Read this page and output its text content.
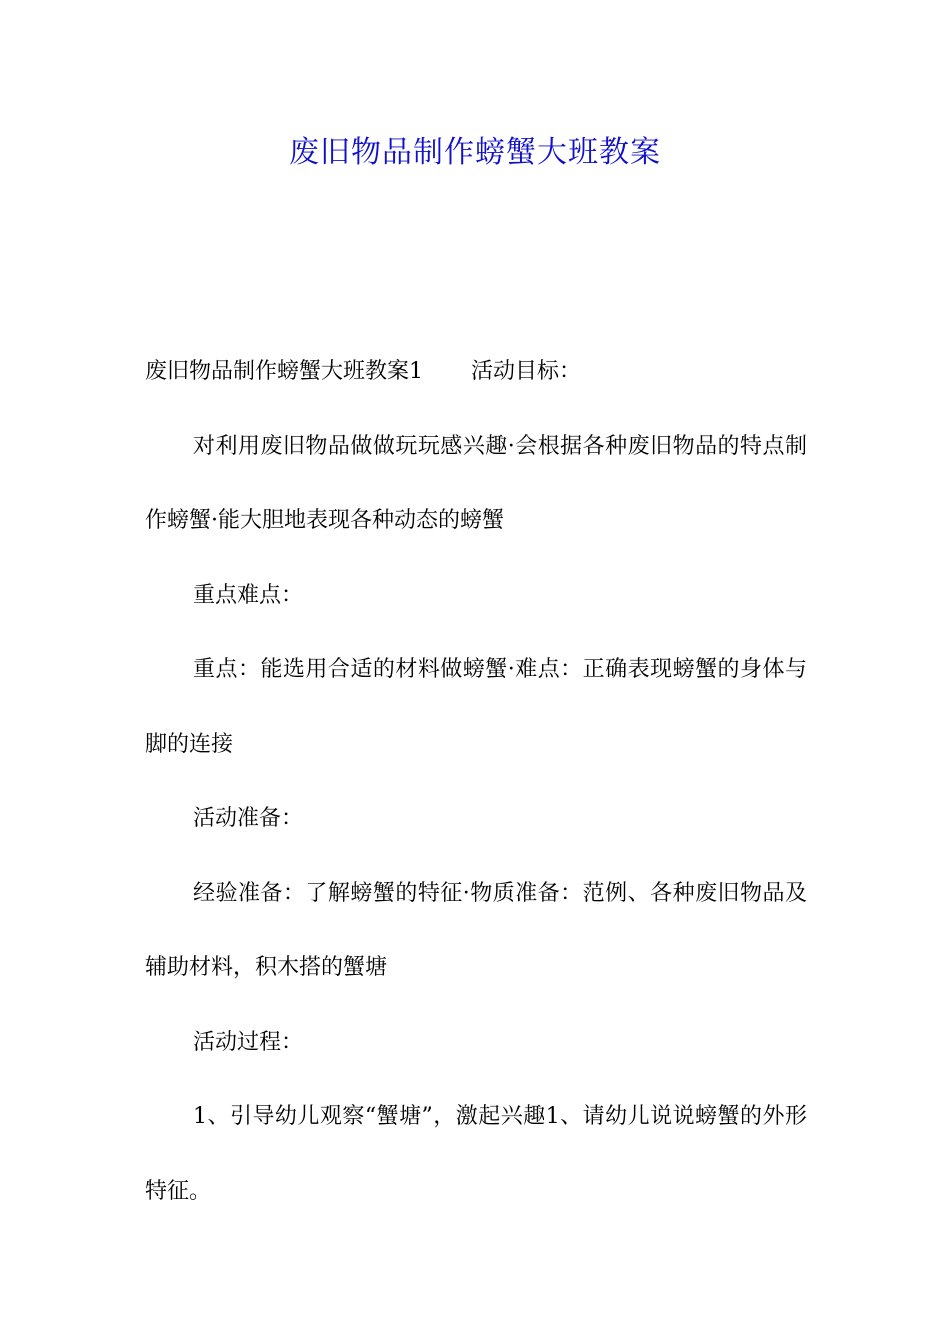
废旧物品制作螃蟹大班教案

废旧物品制作螃蟹大班教案1 活动目标：

对利用废旧物品做做玩玩感兴趣·会根据各种废旧物品的特点制作螃蟹·能大胆地表现各种动态的螃蟹

重点难点：

重点：能选用合适的材料做螃蟹·难点：正确表现螃蟹的身体与脚的连接

活动准备：

经验准备：了解螃蟹的特征·物质准备：范例、各种废旧物品及辅助材料，积木搭的蟹塘

活动过程：

1、引导幼儿观察“蟹塘”，激起兴趣1、请幼儿说说螃蟹的外形特征。
